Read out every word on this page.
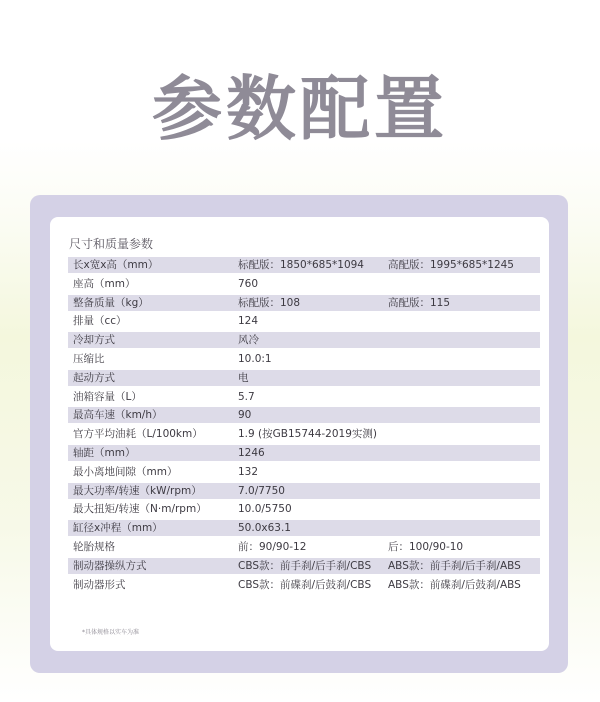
参数配置
尺寸和质量参数
长x宽x高（mm）	标配版：1850*685*1094 高配版：1995*685*1245
座高（mm）	760
整备质量（kg）	标配版：108	高配版：115
排量（cc）	124
冷却方式	风冷
压缩比	10.0:1
起动方式	电
油箱容量（L）	5.7
最高车速（km/h）	90
官方平均油耗（L/100km）	1.9 (按GB15744-2019实测)
轴距（mm）	1246
最小离地间隙（mm）	132
最大功率/转速（kW/rpm）	7.0/7750
最大扭矩/转速（N·m/rpm）	10.0/5750
缸径x冲程（mm）	50.0x63.1
轮胎规格	前：90/90-12	后：100/90-10
制动器操纵方式	CBS款：前手刹/后手刹/CBS ABS款：前手刹/后手刹/ABS
制动器形式	CBS款：前碟刹/后鼓刹/CBS ABS款：前碟刹/后鼓刹/ABS
*具体规格以实车为准
